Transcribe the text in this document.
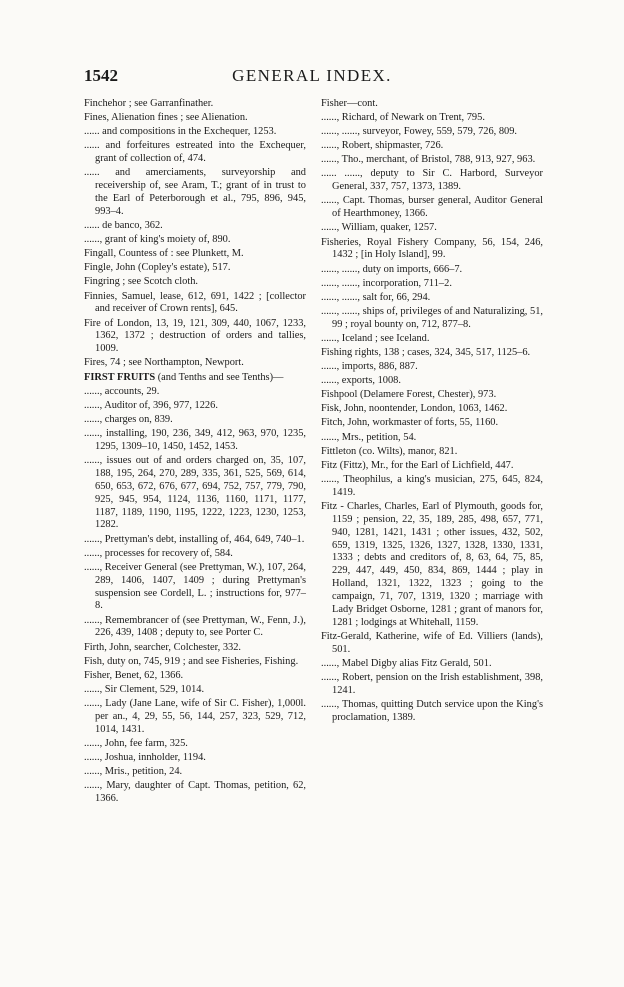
1542	GENERAL INDEX.
Finchehor ; see Garranfinather.
Fines, Alienation fines ; see Alienation.
...... and compositions in the Exchequer, 1253.
...... and forfeitures estreated into the Exchequer, grant of collection of, 474.
...... and amerciaments, surveyorship and receivership of, see Aram, T.; grant of in trust to the Earl of Peterborough et al., 795, 896, 945, 993–4.
...... de banco, 362.
......, grant of king's moiety of, 890.
Fingall, Countess of : see Plunkett, M.
Fingle, John (Copley's estate), 517.
Fingring ; see Scotch cloth.
Finnies, Samuel, lease, 612, 691, 1422 ; [collector and receiver of Crown rents], 645.
Fire of London, 13, 19, 121, 309, 440, 1067, 1233, 1362, 1372 ; destruction of orders and tallies, 1009.
Fires, 74 ; see Northampton, Newport.
FIRST FRUITS (and Tenths and see Tenths)—
......, accounts, 29.
......, Auditor of, 396, 977, 1226.
......, charges on, 839.
......, installing, 190, 236, 349, 412, 963, 970, 1235, 1295, 1309–10, 1450, 1452, 1453.
......, issues out of and orders charged on, 35, 107, 188, 195, 264, 270, 289, 335, 361, 525, 569, 614, 650, 653, 672, 676, 677, 694, 752, 757, 779, 790, 925, 945, 954, 1124, 1136, 1160, 1171, 1177, 1187, 1189, 1190, 1195, 1222, 1223, 1230, 1253, 1282.
......, Prettyman's debt, installing of, 464, 649, 740–1.
......, processes for recovery of, 584.
......, Receiver General (see Prettyman, W.), 107, 264, 289, 1406, 1407, 1409 ; during Prettyman's suspension see Cordell, L. ; instructions for, 977–8.
......, Remembrancer of (see Prettyman, W., Fenn, J.), 226, 439, 1408 ; deputy to, see Porter C.
Firth, John, searcher, Colchester, 332.
Fish, duty on, 745, 919 ; and see Fisheries, Fishing.
Fisher, Benet, 62, 1366.
......, Sir Clement, 529, 1014.
......, Lady (Jane Lane, wife of Sir C. Fisher), 1,000l. per an., 4, 29, 55, 56, 144, 257, 323, 529, 712, 1014, 1431.
......, John, fee farm, 325.
......, Joshua, innholder, 1194.
......, Mris., petition, 24.
......, Mary, daughter of Capt. Thomas, petition, 62, 1366.
Fisher—cont.
......, Richard, of Newark on Trent, 795.
......, ......, surveyor, Fowey, 559, 579, 726, 809.
......, Robert, shipmaster, 726.
......, Tho., merchant, of Bristol, 788, 913, 927, 963.
...... ......, deputy to Sir C. Harbord, Surveyor General, 337, 757, 1373, 1389.
......, Capt. Thomas, burser general, Auditor General of Hearthmoney, 1366.
......, William, quaker, 1257.
Fisheries, Royal Fishery Company, 56, 154, 246, 1432 ; [in Holy Island], 99.
......, ......, duty on imports, 666–7.
......, ......, incorporation, 711–2.
......, ......, salt for, 66, 294.
......, ......, ships of, privileges of and Naturalizing, 51, 99 ; royal bounty on, 712, 877–8.
......, Iceland ; see Iceland.
Fishing rights, 138 ; cases, 324, 345, 517, 1125–6.
......, imports, 886, 887.
......, exports, 1008.
Fishpool (Delamere Forest, Chester), 973.
Fisk, John, noontender, London, 1063, 1462.
Fitch, John, workmaster of forts, 55, 1160.
......, Mrs., petition, 54.
Fittleton (co. Wilts), manor, 821.
Fitz (Fittz), Mr., for the Earl of Lichfield, 447.
......, Theophilus, a king's musician, 275, 645, 824, 1419.
Fitz - Charles, Charles, Earl of Plymouth, goods for, 1159 ; pension, 22, 35, 189, 285, 498, 657, 771, 940, 1281, 1421, 1431 ; other issues, 432, 502, 659, 1319, 1325, 1326, 1327, 1328, 1330, 1331, 1333 ; debts and creditors of, 8, 63, 64, 75, 85, 229, 447, 449, 450, 834, 869, 1444 ; play in Holland, 1321, 1322, 1323 ; going to the campaign, 71, 707, 1319, 1320 ; marriage with Lady Bridget Osborne, 1281 ; grant of manors for, 1281 ; lodgings at Whitehall, 1159.
Fitz-Gerald, Katherine, wife of Ed. Villiers (lands), 501.
......, Mabel Digby alias Fitz Gerald, 501.
......, Robert, pension on the Irish establishment, 398, 1241.
......, Thomas, quitting Dutch service upon the King's proclamation, 1389.
